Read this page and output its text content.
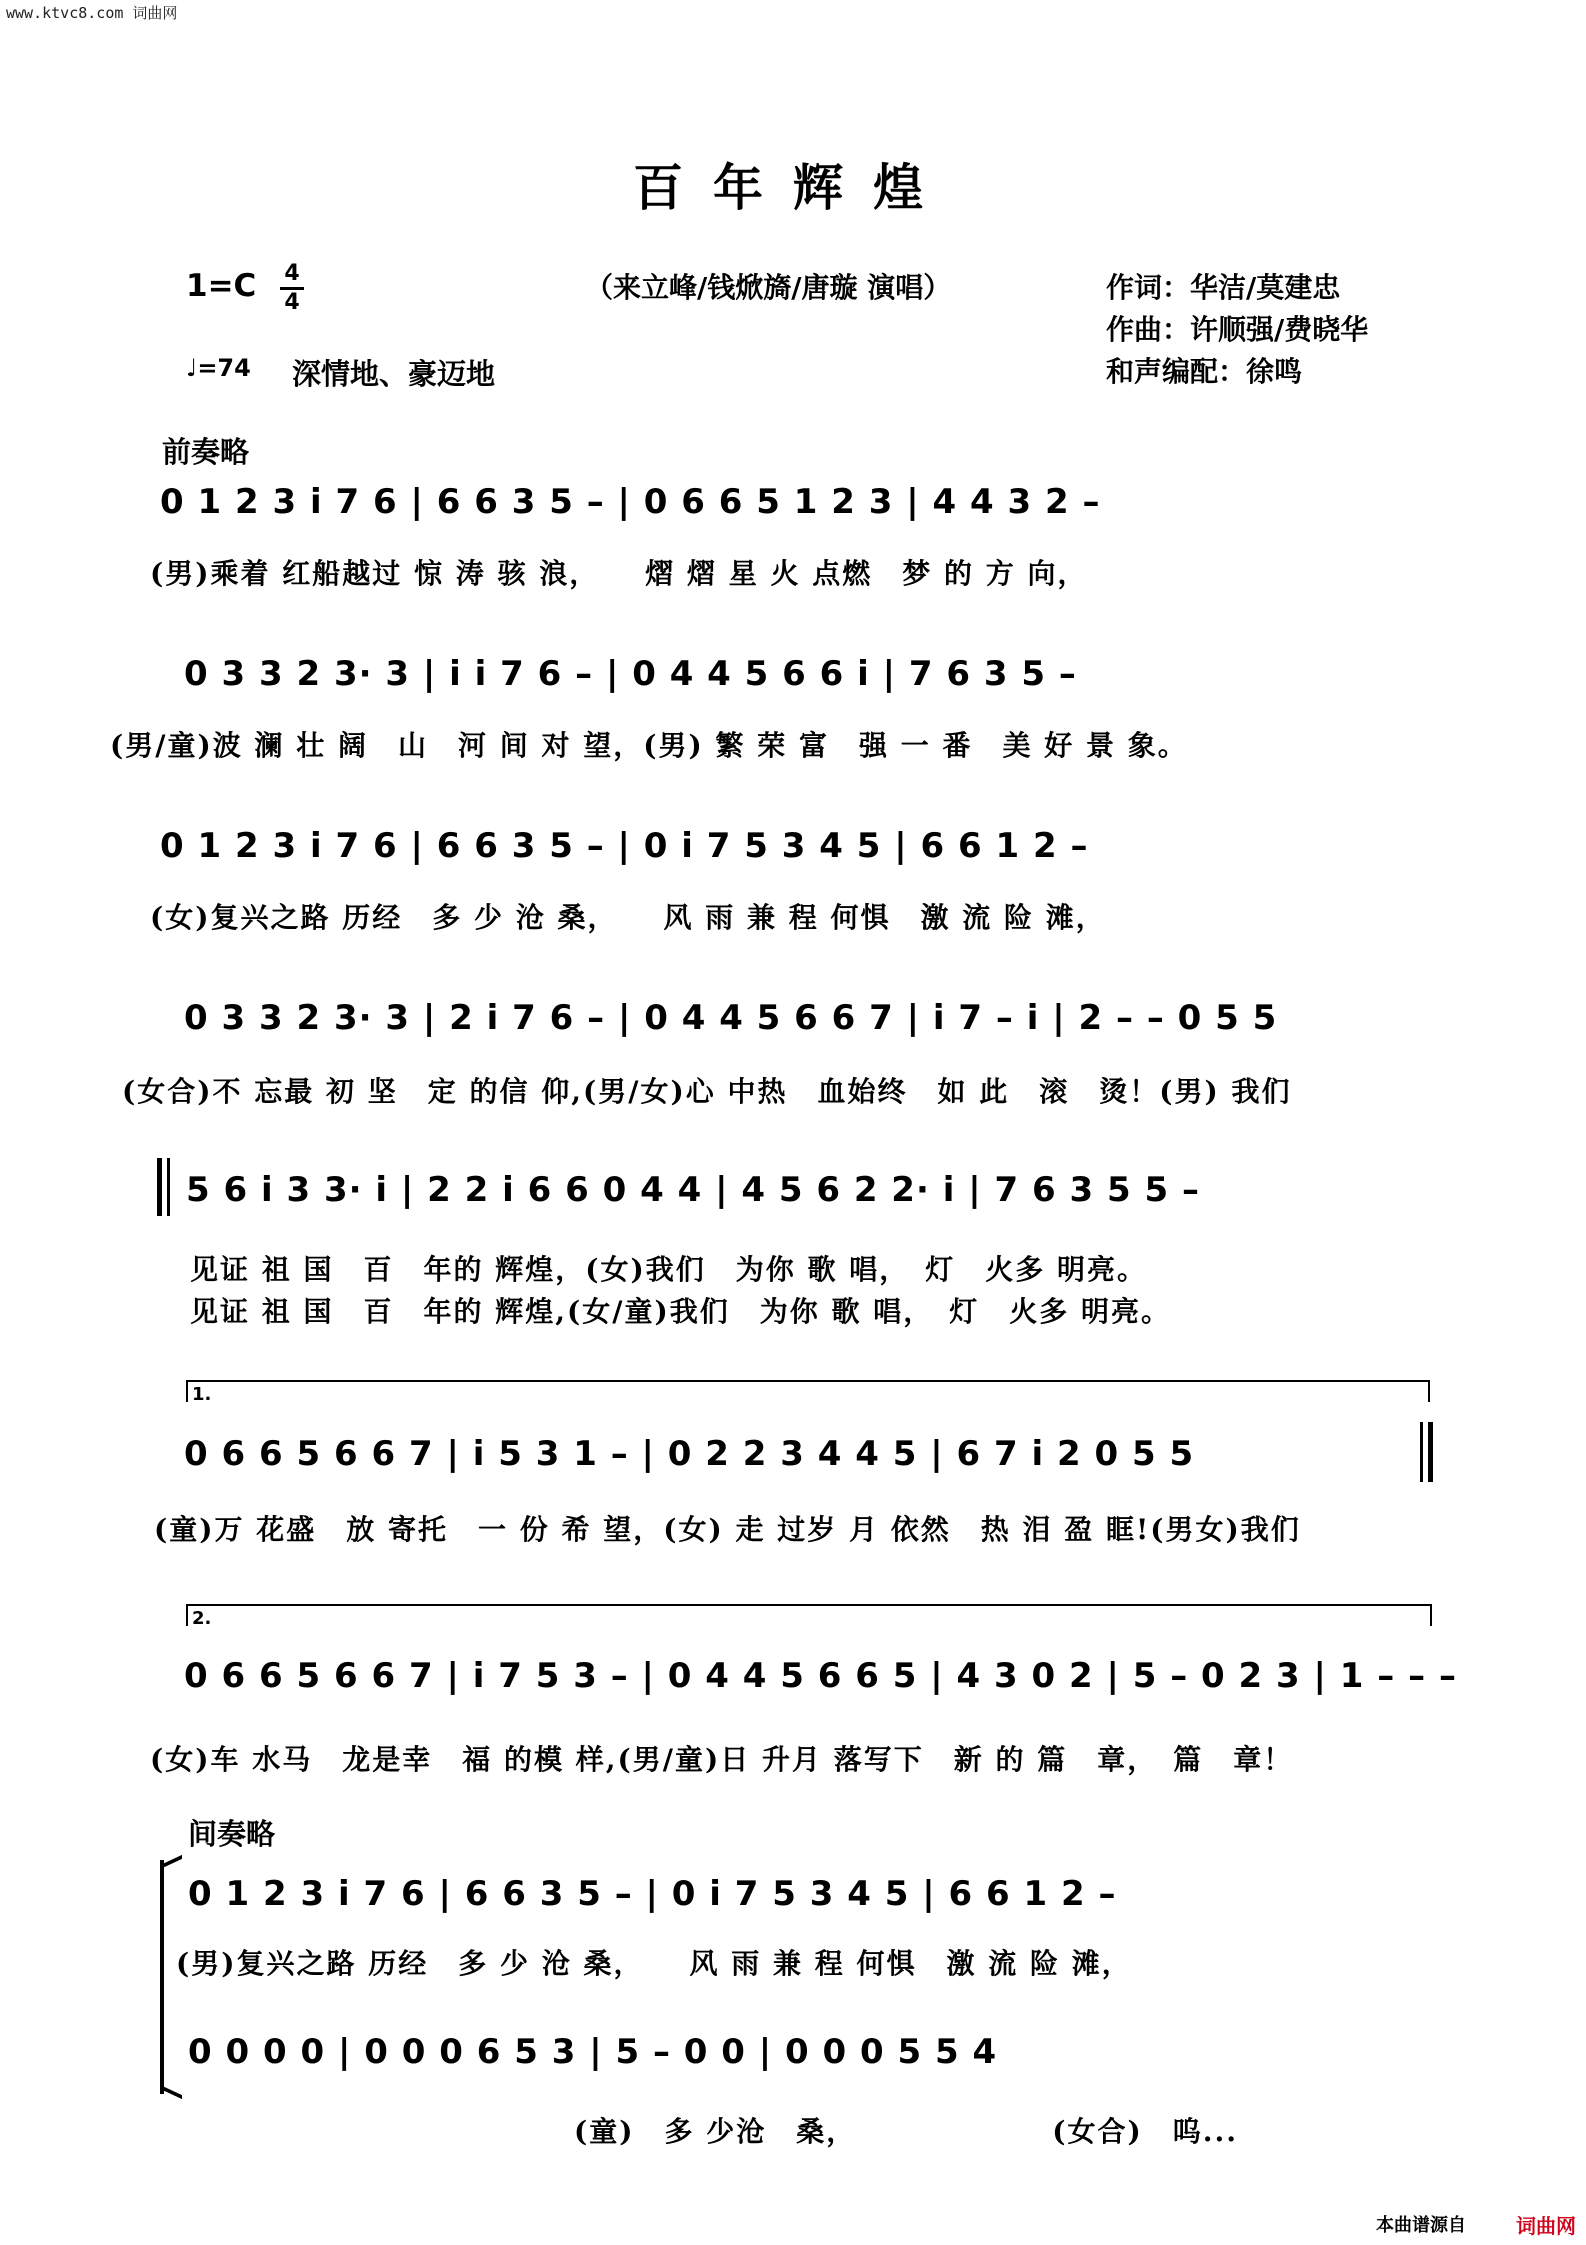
www.ktvc8.com 词曲网
百年辉煌
1=C 4
4	（来立峰/钱焮旖/唐璇 演唱）	作词：华洁/莫建忠
作曲：许顺强/费晓华
和声编配：徐鸣
♩=74 深情地、豪迈地
前奏略
0 1 2 3 i 7 6 | 6 6 3 5 – | 0 6 6 5 1 2 3 | 4 4 3 2 –
(男)乘着 红船越过 惊 涛 骇 浪，　　熠 熠 星 火 点燃　梦 的 方 向，
0 3 3 2 3· 3 | i i 7 6 – | 0 4 4 5 6 6 i | 7 6 3 5 –
(男/童)波 澜 壮 阔　山　河 间 对 望，(男) 繁 荣 富　强 一 番　美 好 景 象。
0 1 2 3 i 7 6 | 6 6 3 5 – | 0 i 7 5 3 4 5 | 6 6 1 2 –
(女)复兴之路 历经　多 少 沧 桑，　　风 雨 兼 程 何惧　激 流 险 滩，
0 3 3 2 3· 3 | 2 i 7 6 – | 0 4 4 5 6 6 7 | i 7 – i | 2 – – 0 5 5
(女合)不 忘最 初 坚　定 的信 仰,(男/女)心 中热　血始终　如 此　滚　烫！(男) 我们
5 6 i 3 3· i | 2 2 i 6 6 0 4 4 | 4 5 6 2 2· i | 7 6 3 5 5 –
见证 祖 国　百　年的 辉煌，(女)我们　为你 歌 唱，　灯　火多 明亮。
见证 祖 国　百　年的 辉煌,(女/童)我们　为你 歌 唱，　灯　火多 明亮。
1.
0 6 6 5 6 6 7 | i 5 3 1 – | 0 2 2 3 4 4 5 | 6 7 i 2 0 5 5
(童)万 花盛　放 寄托　一 份 希 望，(女) 走 过岁 月 依然　热 泪 盈 眶!(男女)我们
2.
0 6 6 5 6 6 7 | i 7 5 3 – | 0 4 4 5 6 6 5 | 4 3 0 2 | 5 – 0 2 3 | 1 – – –
(女)车 水马　龙是幸　福 的模 样,(男/童)日 升月 落写下　新 的 篇　章，　篇　章！
间奏略
0 1 2 3 i 7 6 | 6 6 3 5 – | 0 i 7 5 3 4 5 | 6 6 1 2 –
(男)复兴之路 历经　多 少 沧 桑，　　风 雨 兼 程 何惧　激 流 险 滩，
0 0 0 0 | 0 0 0 6 5 3 | 5 – 0 0 | 0 0 0 5 5 4
(童)　多 少沧　桑，　　　　　　　(女合)　呜...
本曲谱源自	词曲网
